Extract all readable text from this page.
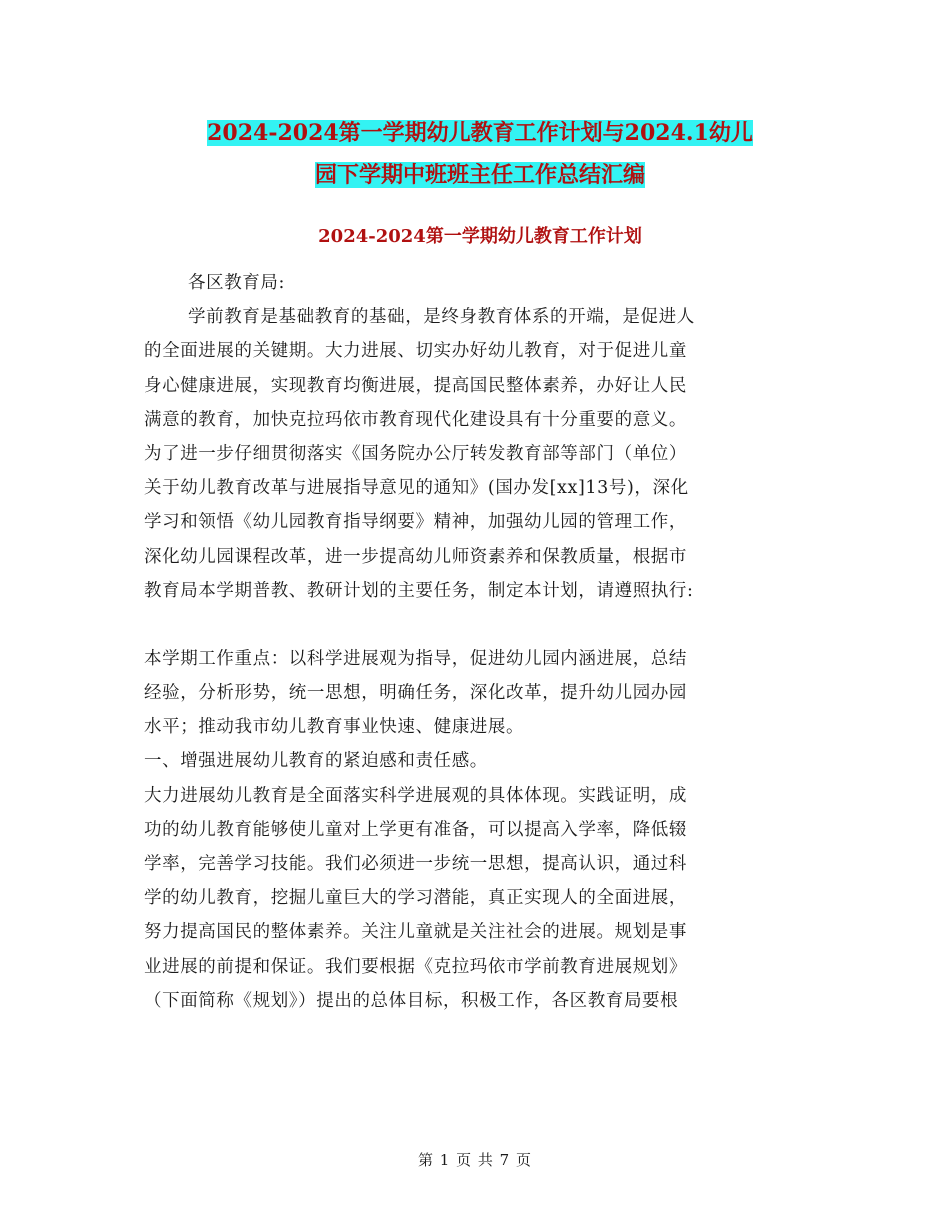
2024-2024第一学期幼儿教育工作计划与2024.1幼儿
园下学期中班班主任工作总结汇编
2024-2024第一学期幼儿教育工作计划
各区教育局:
学前教育是基础教育的基础，是终身教育体系的开端，是促进人
的全面进展的关键期。大力进展、切实办好幼儿教育，对于促进儿童
身心健康进展，实现教育均衡进展，提高国民整体素养，办好让人民
满意的教育，加快克拉玛依市教育现代化建设具有十分重要的意义。
为了进一步仔细贯彻落实《国务院办公厅转发教育部等部门（单位）
关于幼儿教育改革与进展指导意见的通知》(国办发[xx]13号)，深化
学习和领悟《幼儿园教育指导纲要》精神，加强幼儿园的管理工作，
深化幼儿园课程改革，进一步提高幼儿师资素养和保教质量，根据市
教育局本学期普教、教研计划的主要任务，制定本计划，请遵照执行:
本学期工作重点：以科学进展观为指导，促进幼儿园内涵进展，总结
经验，分析形势，统一思想，明确任务，深化改革，提升幼儿园办园
水平；推动我市幼儿教育事业快速、健康进展。
一、增强进展幼儿教育的紧迫感和责任感。
大力进展幼儿教育是全面落实科学进展观的具体体现。实践证明，成
功的幼儿教育能够使儿童对上学更有准备，可以提高入学率，降低辍
学率，完善学习技能。我们必须进一步统一思想，提高认识，通过科
学的幼儿教育，挖掘儿童巨大的学习潜能，真正实现人的全面进展，
努力提高国民的整体素养。关注儿童就是关注社会的进展。规划是事
业进展的前提和保证。我们要根据《克拉玛依市学前教育进展规划》
（下面简称《规划》）提出的总体目标，积极工作，各区教育局要根
第 1 页 共 7 页
